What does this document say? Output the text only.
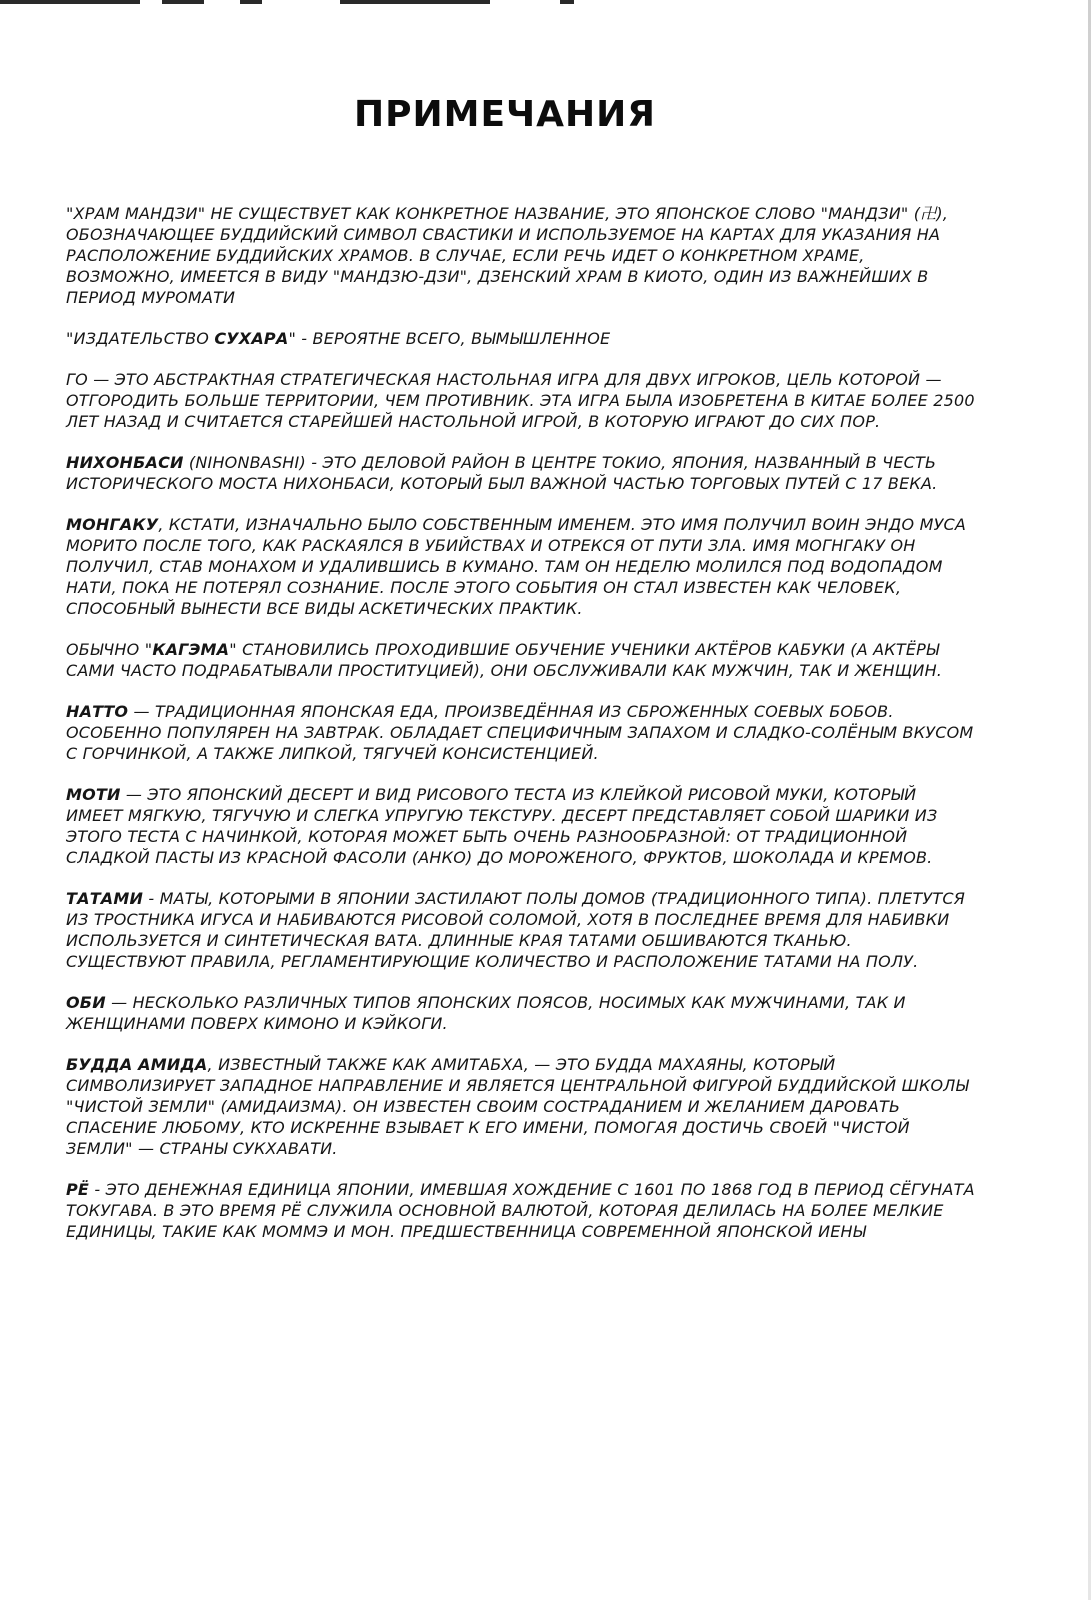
ПРИМЕЧАНИЯ

"ХРАМ МАНДЗИ" НЕ СУЩЕСТВУЕТ КАК КОНКРЕТНОЕ НАЗВАНИЕ, ЭТО ЯПОНСКОЕ СЛОВО "МАНДЗИ" (卍), ОБОЗНАЧАЮЩЕЕ БУДДИЙСКИЙ СИМВОЛ СВАСТИКИ И ИСПОЛЬЗУЕМОЕ НА КАРТАХ ДЛЯ УКАЗАНИЯ НА РАСПОЛОЖЕНИЕ БУДДИЙСКИХ ХРАМОВ. В СЛУЧАЕ, ЕСЛИ РЕЧЬ ИДЕТ О КОНКРЕТНОМ ХРАМЕ, ВОЗМОЖНО, ИМЕЕТСЯ В ВИДУ "МАНДЗЮ-ДЗИ", ДЗЕНСКИЙ ХРАМ В КИОТО, ОДИН ИЗ ВАЖНЕЙШИХ В ПЕРИОД МУРОМАТИ

"ИЗДАТЕЛЬСТВО СУХАРА" - ВЕРОЯТНЕ ВСЕГО, ВЫМЫШЛЕННОЕ

ГО — ЭТО АБСТРАКТНАЯ СТРАТЕГИЧЕСКАЯ НАСТОЛЬНАЯ ИГРА ДЛЯ ДВУХ ИГРОКОВ, ЦЕЛЬ КОТОРОЙ — ОТГОРОДИТЬ БОЛЬШЕ ТЕРРИТОРИИ, ЧЕМ ПРОТИВНИК. ЭТА ИГРА БЫЛА ИЗОБРЕТЕНА В КИТАЕ БОЛЕЕ 2500 ЛЕТ НАЗАД И СЧИТАЕТСЯ СТАРЕЙШЕЙ НАСТОЛЬНОЙ ИГРОЙ, В КОТОРУЮ ИГРАЮТ ДО СИХ ПОР.

НИХОНБАСИ (NIHONBASHI) - ЭТО ДЕЛОВОЙ РАЙОН В ЦЕНТРЕ ТОКИО, ЯПОНИЯ, НАЗВАННЫЙ В ЧЕСТЬ ИСТОРИЧЕСКОГО МОСТА НИХОНБАСИ, КОТОРЫЙ БЫЛ ВАЖНОЙ ЧАСТЬЮ ТОРГОВЫХ ПУТЕЙ С 17 ВЕКА.

МОНГАКУ, КСТАТИ, ИЗНАЧАЛЬНО БЫЛО СОБСТВЕННЫМ ИМЕНЕМ. ЭТО ИМЯ ПОЛУЧИЛ ВОИН ЭНДО МУСА МОРИТО ПОСЛЕ ТОГО, КАК РАСКАЯЛСЯ В УБИЙСТВАХ И ОТРЕКСЯ ОТ ПУТИ ЗЛА. ИМЯ МОГНГАКУ ОН ПОЛУЧИЛ, СТАВ МОНАХОМ И УДАЛИВШИСЬ В КУМАНО. ТАМ ОН НЕДЕЛЮ МОЛИЛСЯ ПОД ВОДОПАДОМ НАТИ, ПОКА НЕ ПОТЕРЯЛ СОЗНАНИЕ. ПОСЛЕ ЭТОГО СОБЫТИЯ ОН СТАЛ ИЗВЕСТЕН КАК ЧЕЛОВЕК, СПОСОБНЫЙ ВЫНЕСТИ ВСЕ ВИДЫ АСКЕТИЧЕСКИХ ПРАКТИК.

ОБЫЧНО "КАГЭМА" СТАНОВИЛИСЬ ПРОХОДИВШИЕ ОБУЧЕНИЕ УЧЕНИКИ АКТЁРОВ КАБУКИ (А АКТЁРЫ САМИ ЧАСТО ПОДРАБАТЫВАЛИ ПРОСТИТУЦИЕЙ), ОНИ ОБСЛУЖИВАЛИ КАК МУЖЧИН, ТАК И ЖЕНЩИН.

НАТТО — ТРАДИЦИОННАЯ ЯПОНСКАЯ ЕДА, ПРОИЗВЕДЁННАЯ ИЗ СБРОЖЕННЫХ СОЕВЫХ БОБОВ. ОСОБЕННО ПОПУЛЯРЕН НА ЗАВТРАК. ОБЛАДАЕТ СПЕЦИФИЧНЫМ ЗАПАХОМ И СЛАДКО-СОЛЁНЫМ ВКУСОМ С ГОРЧИНКОЙ, А ТАКЖЕ ЛИПКОЙ, ТЯГУЧЕЙ КОНСИСТЕНЦИЕЙ.

МОТИ — ЭТО ЯПОНСКИЙ ДЕСЕРТ И ВИД РИСОВОГО ТЕСТА ИЗ КЛЕЙКОЙ РИСОВОЙ МУКИ, КОТОРЫЙ ИМЕЕТ МЯГКУЮ, ТЯГУЧУЮ И СЛЕГКА УПРУГУЮ ТЕКСТУРУ. ДЕСЕРТ ПРЕДСТАВЛЯЕТ СОБОЙ ШАРИКИ ИЗ ЭТОГО ТЕСТА С НАЧИНКОЙ, КОТОРАЯ МОЖЕТ БЫТЬ ОЧЕНЬ РАЗНООБРАЗНОЙ: ОТ ТРАДИЦИОННОЙ СЛАДКОЙ ПАСТЫ ИЗ КРАСНОЙ ФАСОЛИ (АНКО) ДО МОРОЖЕНОГО, ФРУКТОВ, ШОКОЛАДА И КРЕМОВ.

ТАТАМИ - МАТЫ, КОТОРЫМИ В ЯПОНИИ ЗАСТИЛАЮТ ПОЛЫ ДОМОВ (ТРАДИЦИОННОГО ТИПА). ПЛЕТУТСЯ ИЗ ТРОСТНИКА ИГУСА И НАБИВАЮТСЯ РИСОВОЙ СОЛОМОЙ, ХОТЯ В ПОСЛЕДНЕЕ ВРЕМЯ ДЛЯ НАБИВКИ ИСПОЛЬЗУЕТСЯ И СИНТЕТИЧЕСКАЯ ВАТА. ДЛИННЫЕ КРАЯ ТАТАМИ ОБШИВАЮТСЯ ТКАНЬЮ. СУЩЕСТВУЮТ ПРАВИЛА, РЕГЛАМЕНТИРУЮЩИЕ КОЛИЧЕСТВО И РАСПОЛОЖЕНИЕ ТАТАМИ НА ПОЛУ.

ОБИ — НЕСКОЛЬКО РАЗЛИЧНЫХ ТИПОВ ЯПОНСКИХ ПОЯСОВ, НОСИМЫХ КАК МУЖЧИНАМИ, ТАК И ЖЕНЩИНАМИ ПОВЕРХ КИМОНО И КЭЙКОГИ.

БУДДА АМИДА, ИЗВЕСТНЫЙ ТАКЖЕ КАК АМИТАБХА, — ЭТО БУДДА МАХАЯНЫ, КОТОРЫЙ СИМВОЛИЗИРУЕТ ЗАПАДНОЕ НАПРАВЛЕНИЕ И ЯВЛЯЕТСЯ ЦЕНТРАЛЬНОЙ ФИГУРОЙ БУДДИЙСКОЙ ШКОЛЫ "ЧИСТОЙ ЗЕМЛИ" (АМИДАИЗМА). ОН ИЗВЕСТЕН СВОИМ СОСТРАДАНИЕМ И ЖЕЛАНИЕМ ДАРОВАТЬ СПАСЕНИЕ ЛЮБОМУ, КТО ИСКРЕННЕ ВЗЫВАЕТ К ЕГО ИМЕНИ, ПОМОГАЯ ДОСТИЧЬ СВОЕЙ "ЧИСТОЙ ЗЕМЛИ" — СТРАНЫ СУКХАВАТИ.

РЁ - ЭТО ДЕНЕЖНАЯ ЕДИНИЦА ЯПОНИИ, ИМЕВШАЯ ХОЖДЕНИЕ С 1601 ПО 1868 ГОД В ПЕРИОД СЁГУНАТА ТОКУГАВА. В ЭТО ВРЕМЯ РЁ СЛУЖИЛА ОСНОВНОЙ ВАЛЮТОЙ, КОТОРАЯ ДЕЛИЛАСЬ НА БОЛЕЕ МЕЛКИЕ ЕДИНИЦЫ, ТАКИЕ КАК МОММЭ И МОН. ПРЕДШЕСТВЕННИЦА СОВРЕМЕННОЙ ЯПОНСКОЙ ИЕНЫ
